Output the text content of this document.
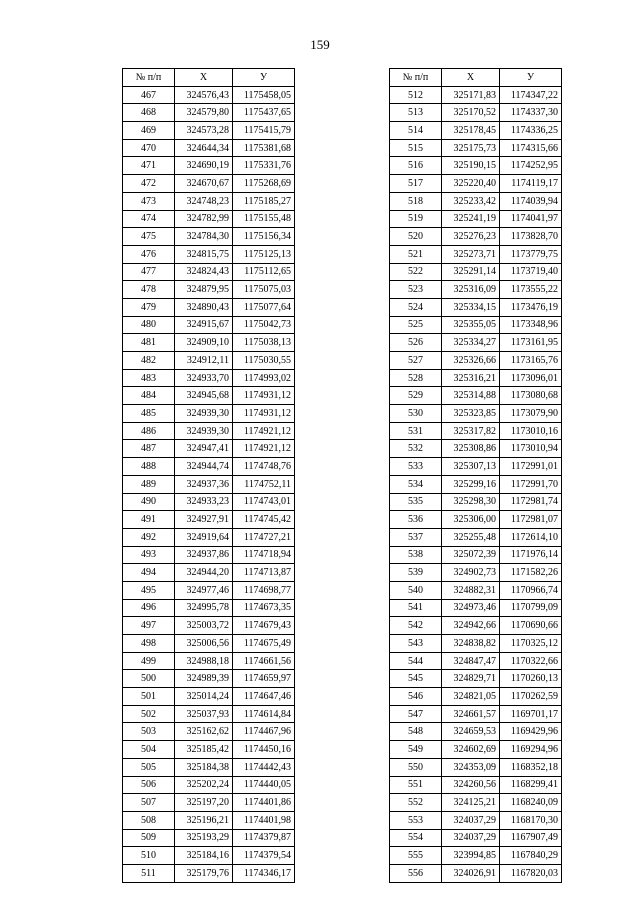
159
№ п/п	Х	У
467	324576,43	1175458,05
468	324579,80	1175437,65
469	324573,28	1175415,79
470	324644,34	1175381,68
471	324690,19	1175331,76
472	324670,67	1175268,69
473	324748,23	1175185,27
474	324782,99	1175155,48
475	324784,30	1175156,34
476	324815,75	1175125,13
477	324824,43	1175112,65
478	324879,95	1175075,03
479	324890,43	1175077,64
480	324915,67	1175042,73
481	324909,10	1175038,13
482	324912,11	1175030,55
483	324933,70	1174993,02
484	324945,68	1174931,12
485	324939,30	1174931,12
486	324939,30	1174921,12
487	324947,41	1174921,12
488	324944,74	1174748,76
489	324937,36	1174752,11
490	324933,23	1174743,01
491	324927,91	1174745,42
492	324919,64	1174727,21
493	324937,86	1174718,94
494	324944,20	1174713,87
495	324977,46	1174698,77
496	324995,78	1174673,35
497	325003,72	1174679,43
498	325006,56	1174675,49
499	324988,18	1174661,56
500	324989,39	1174659,97
501	325014,24	1174647,46
502	325037,93	1174614,84
503	325162,62	1174467,96
504	325185,42	1174450,16
505	325184,38	1174442,43
506	325202,24	1174440,05
507	325197,20	1174401,86
508	325196,21	1174401,98
509	325193,29	1174379,87
510	325184,16	1174379,54
511	325179,76	1174346,17
№ п/п	Х	У
512	325171,83	1174347,22
513	325170,52	1174337,30
514	325178,45	1174336,25
515	325175,73	1174315,66
516	325190,15	1174252,95
517	325220,40	1174119,17
518	325233,42	1174039,94
519	325241,19	1174041,97
520	325276,23	1173828,70
521	325273,71	1173779,75
522	325291,14	1173719,40
523	325316,09	1173555,22
524	325334,15	1173476,19
525	325355,05	1173348,96
526	325334,27	1173161,95
527	325326,66	1173165,76
528	325316,21	1173096,01
529	325314,88	1173080,68
530	325323,85	1173079,90
531	325317,82	1173010,16
532	325308,86	1173010,94
533	325307,13	1172991,01
534	325299,16	1172991,70
535	325298,30	1172981,74
536	325306,00	1172981,07
537	325255,48	1172614,10
538	325072,39	1171976,14
539	324902,73	1171582,26
540	324882,31	1170966,74
541	324973,46	1170799,09
542	324942,66	1170690,66
543	324838,82	1170325,12
544	324847,47	1170322,66
545	324829,71	1170260,13
546	324821,05	1170262,59
547	324661,57	1169701,17
548	324659,53	1169429,96
549	324602,69	1169294,96
550	324353,09	1168352,18
551	324260,56	1168299,41
552	324125,21	1168240,09
553	324037,29	1168170,30
554	324037,29	1167907,49
555	323994,85	1167840,29
556	324026,91	1167820,03
